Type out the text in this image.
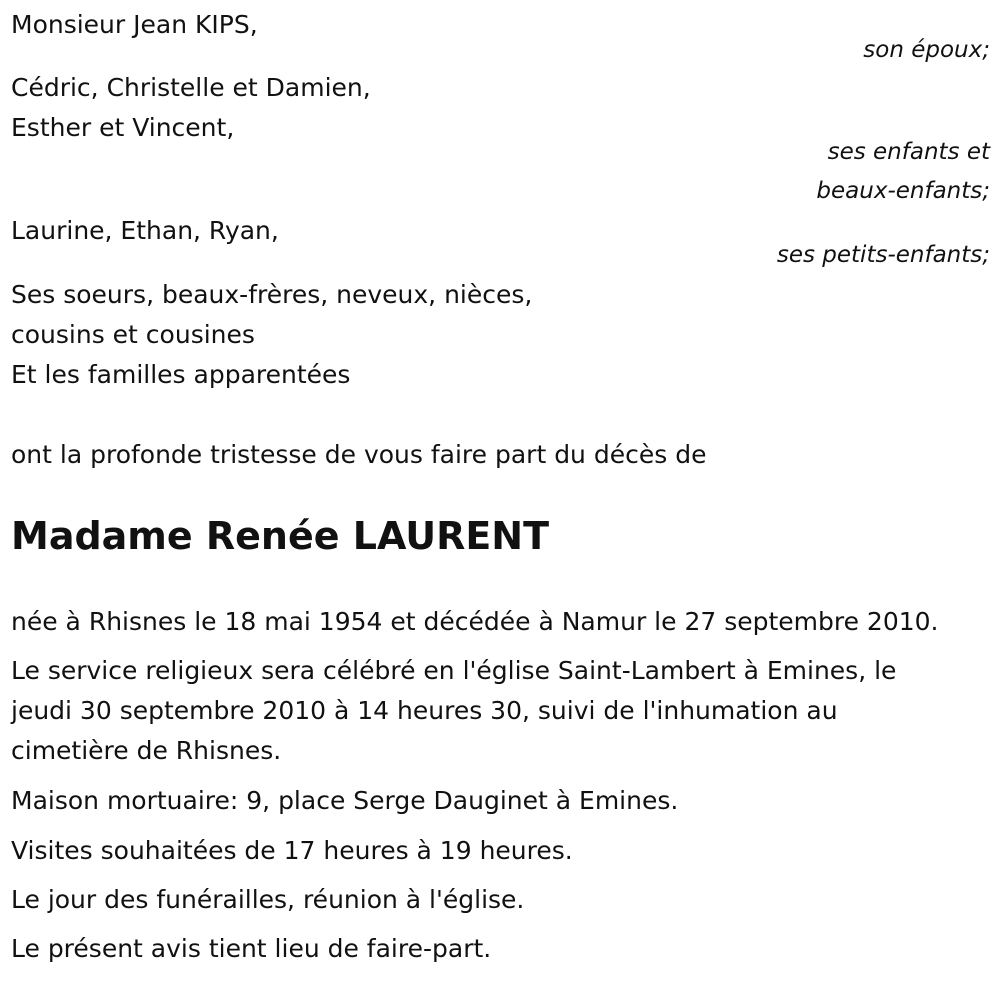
Monsieur Jean KIPS,
son époux;
Cédric, Christelle et Damien,
Esther et Vincent,
ses enfants et
beaux-enfants;
Laurine, Ethan, Ryan,
ses petits-enfants;
Ses soeurs, beaux-frères, neveux, nièces,
cousins et cousines
Et les familles apparentées
ont la profonde tristesse de vous faire part du décès de
Madame Renée LAURENT
née à Rhisnes le 18 mai 1954 et décédée à Namur le 27 septembre 2010.
Le service religieux sera célébré en l'église Saint-Lambert à Emines, le
jeudi 30 septembre 2010 à 14 heures 30, suivi de l'inhumation au
cimetière de Rhisnes.
Maison mortuaire: 9, place Serge Dauginet à Emines.
Visites souhaitées de 17 heures à 19 heures.
Le jour des funérailles, réunion à l'église.
Le présent avis tient lieu de faire-part.
